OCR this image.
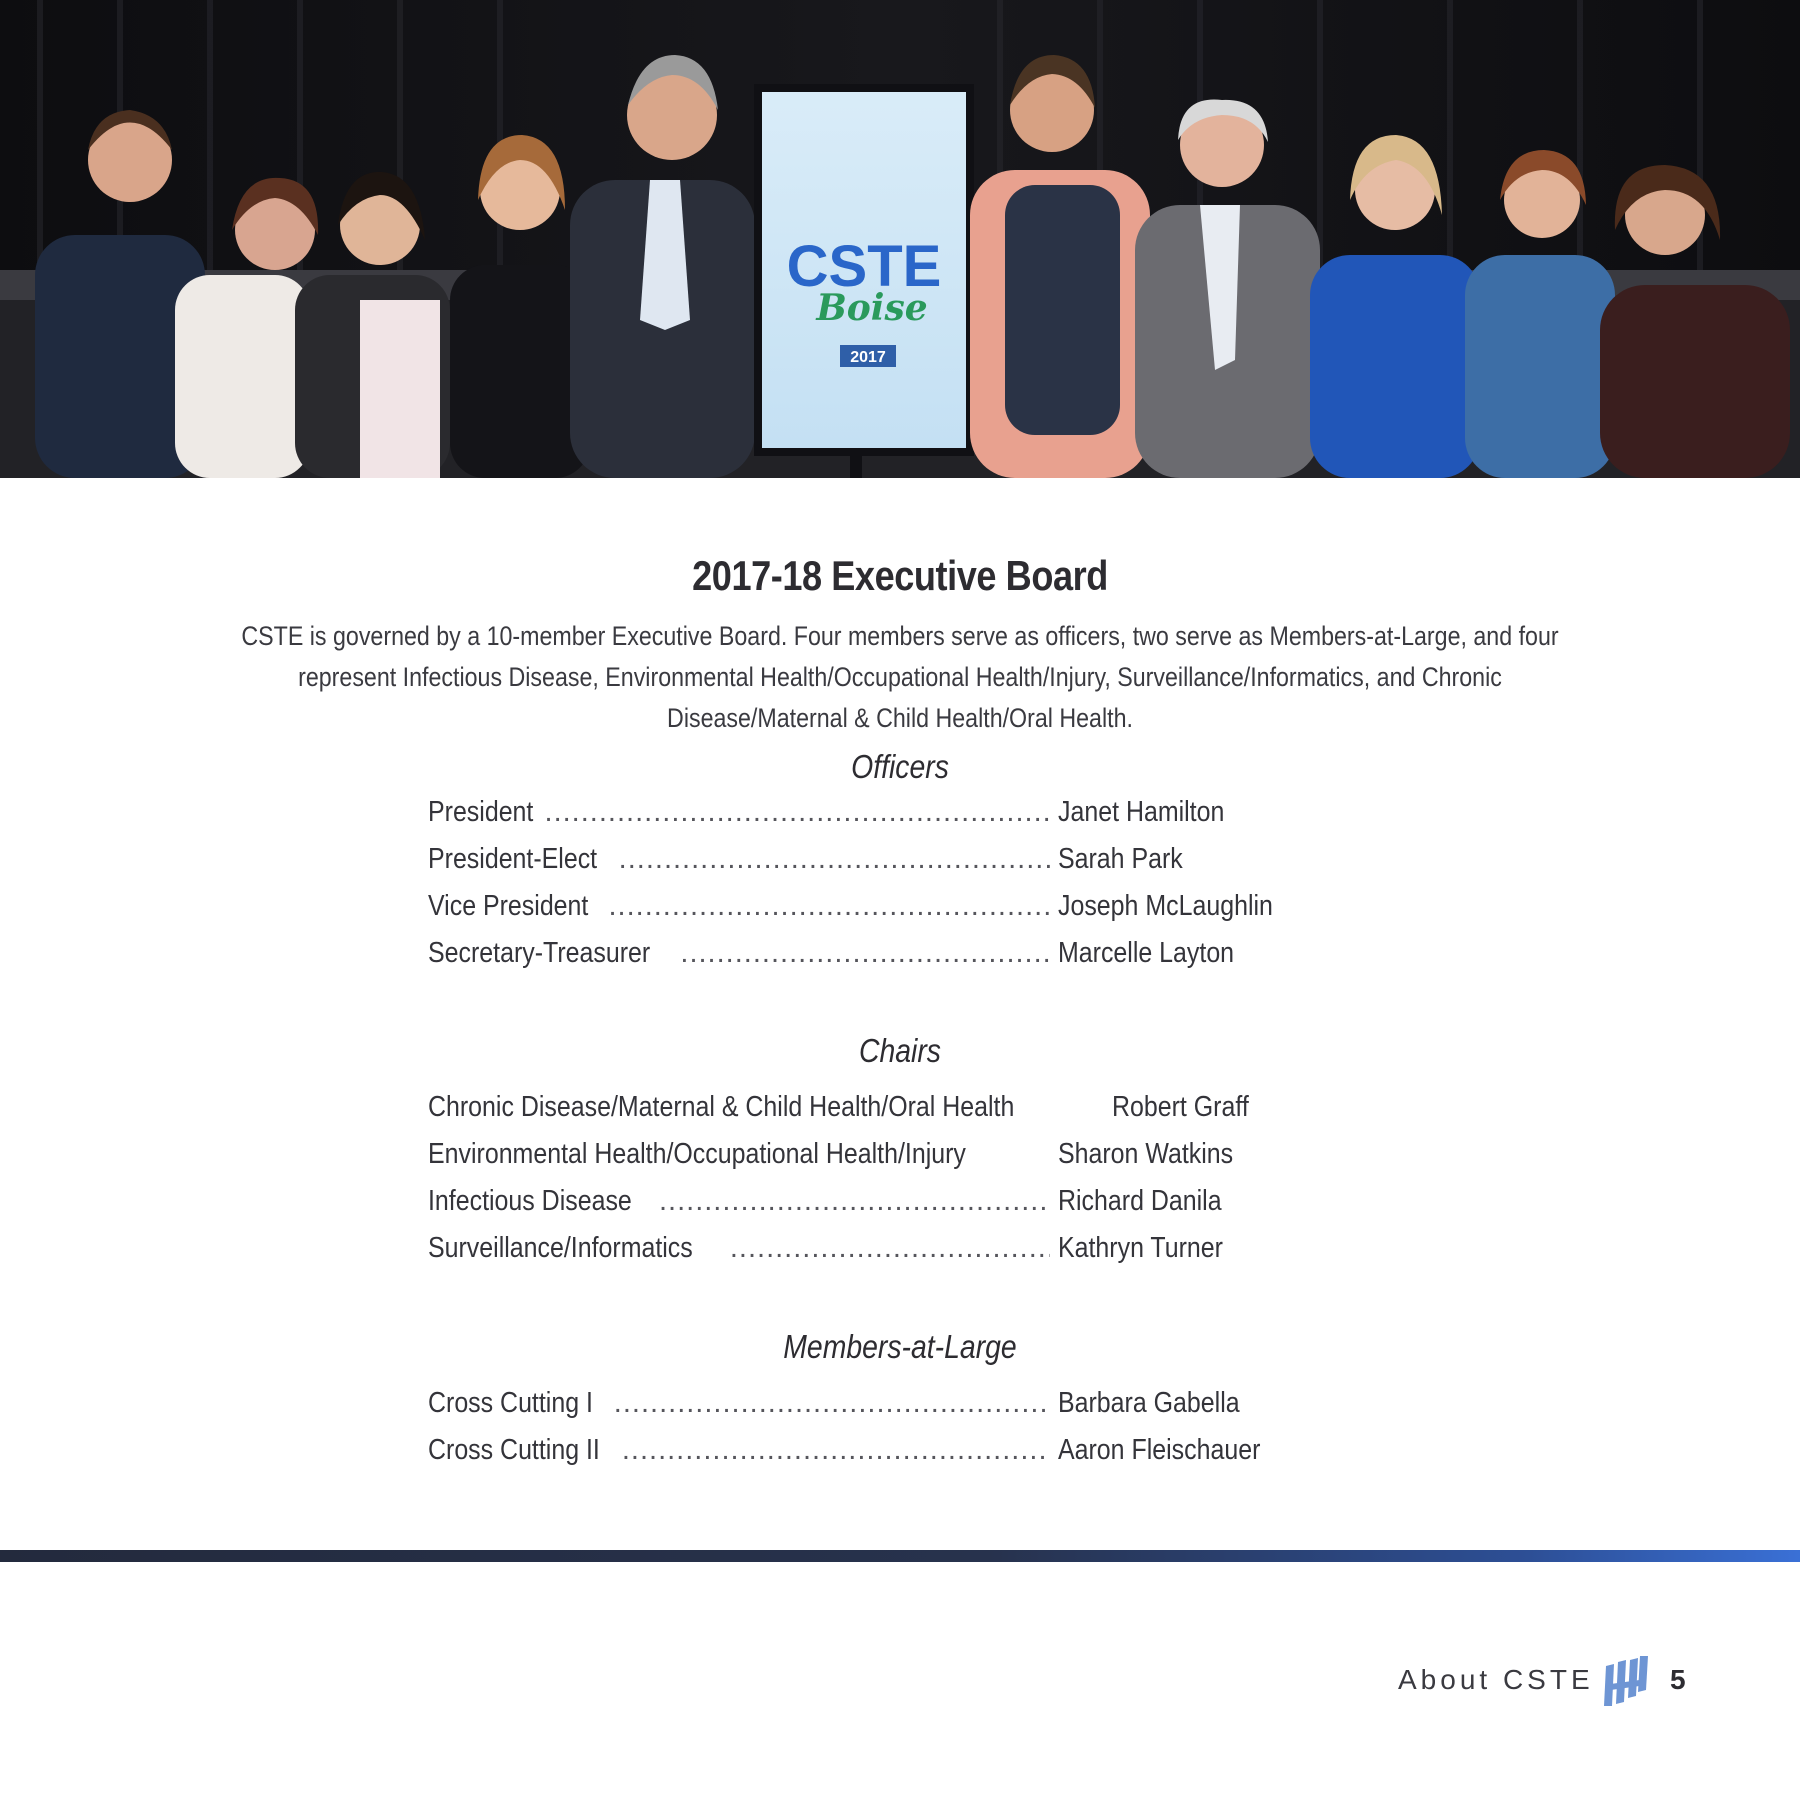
CSTE
Boise
2017
2017-18 Executive Board
CSTE is governed by a 10-member Executive Board. Four members serve as officers, two serve as Members-at-Large, and four represent Infectious Disease, Environmental Health/Occupational Health/Injury, Surveillance/Informatics, and Chronic Disease/Maternal & Child Health/Oral Health.
Officers
President .....	Janet Hamilton
President-Elect .....	Sarah Park
Vice President .....	Joseph McLaughlin
Secretary-Treasurer .....	Marcelle Layton
Chairs
Chronic Disease/Maternal & Child Health/Oral Health	Robert Graff
Environmental Health/Occupational Health/Injury .....	Sharon Watkins
Infectious Disease .....	Richard Danila
Surveillance/Informatics .....	Kathryn Turner
Members-at-Large
Cross Cutting I .....	Barbara Gabella
Cross Cutting II .....	Aaron Fleischauer
About CSTE	5
